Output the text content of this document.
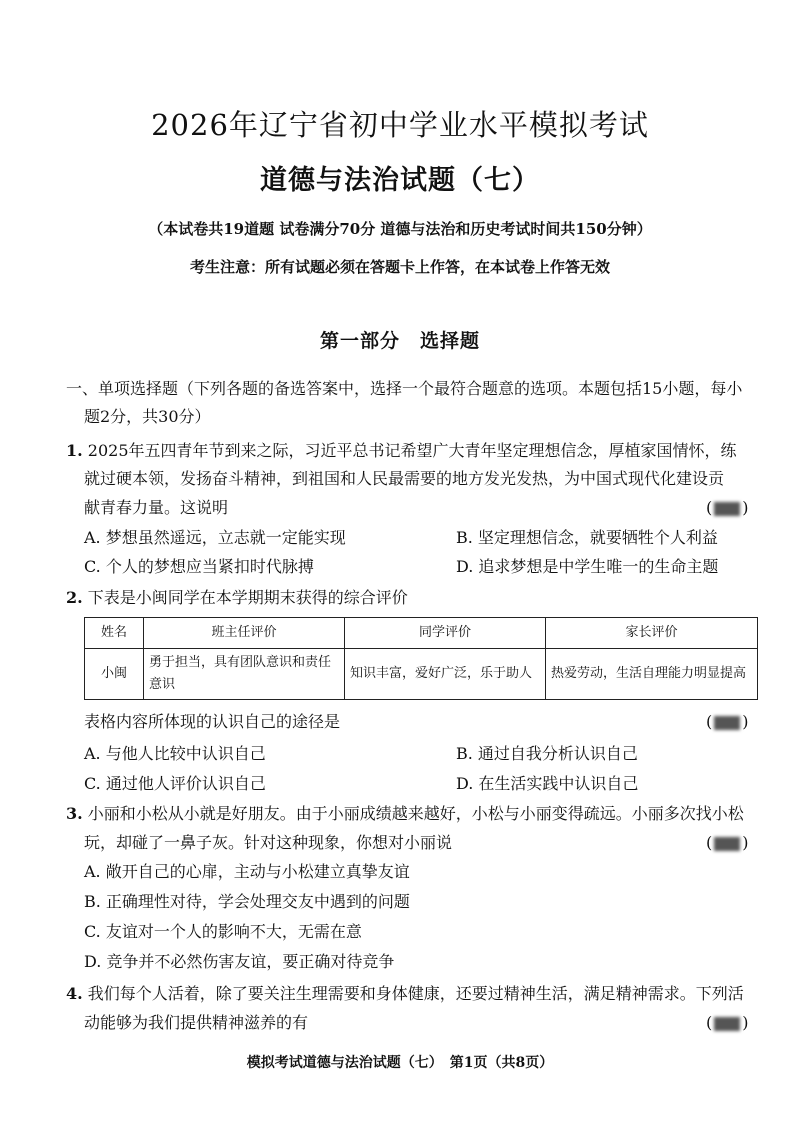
2026年辽宁省初中学业水平模拟考试
道德与法治试题（七）
（本试卷共19道题 试卷满分70分 道德与法治和历史考试时间共150分钟）
考生注意：所有试题必须在答题卡上作答，在本试卷上作答无效
第一部分　选择题
一、单项选择题（下列各题的备选答案中，选择一个最符合题意的选项。本题包括15小题，每小
题2分，共30分）
1. 2025年五四青年节到来之际，习近平总书记希望广大青年坚定理想信念，厚植家国情怀，练
就过硬本领，发扬奋斗精神，到祖国和人民最需要的地方发光发热，为中国式现代化建设贡
献青春力量。这说明	( )
A. 梦想虽然遥远，立志就一定能实现	B. 坚定理想信念，就要牺牲个人利益
C. 个人的梦想应当紧扣时代脉搏	D. 追求梦想是中学生唯一的生命主题
2. 下表是小闽同学在本学期期末获得的综合评价
姓名	班主任评价	同学评价	家长评价
小闽	勇于担当，具有团队意识和责任意识	知识丰富，爱好广泛，乐于助人	热爱劳动，生活自理能力明显提高
表格内容所体现的认识自己的途径是	( )
A. 与他人比较中认识自己	B. 通过自我分析认识自己
C. 通过他人评价认识自己	D. 在生活实践中认识自己
3. 小丽和小松从小就是好朋友。由于小丽成绩越来越好，小松与小丽变得疏远。小丽多次找小松
玩，却碰了一鼻子灰。针对这种现象，你想对小丽说	( )
A. 敞开自己的心扉，主动与小松建立真挚友谊
B. 正确理性对待，学会处理交友中遇到的问题
C. 友谊对一个人的影响不大，无需在意
D. 竞争并不必然伤害友谊，要正确对待竞争
4. 我们每个人活着，除了要关注生理需要和身体健康，还要过精神生活，满足精神需求。下列活
动能够为我们提供精神滋养的有	( )
模拟考试道德与法治试题（七）　第1页（共8页）
